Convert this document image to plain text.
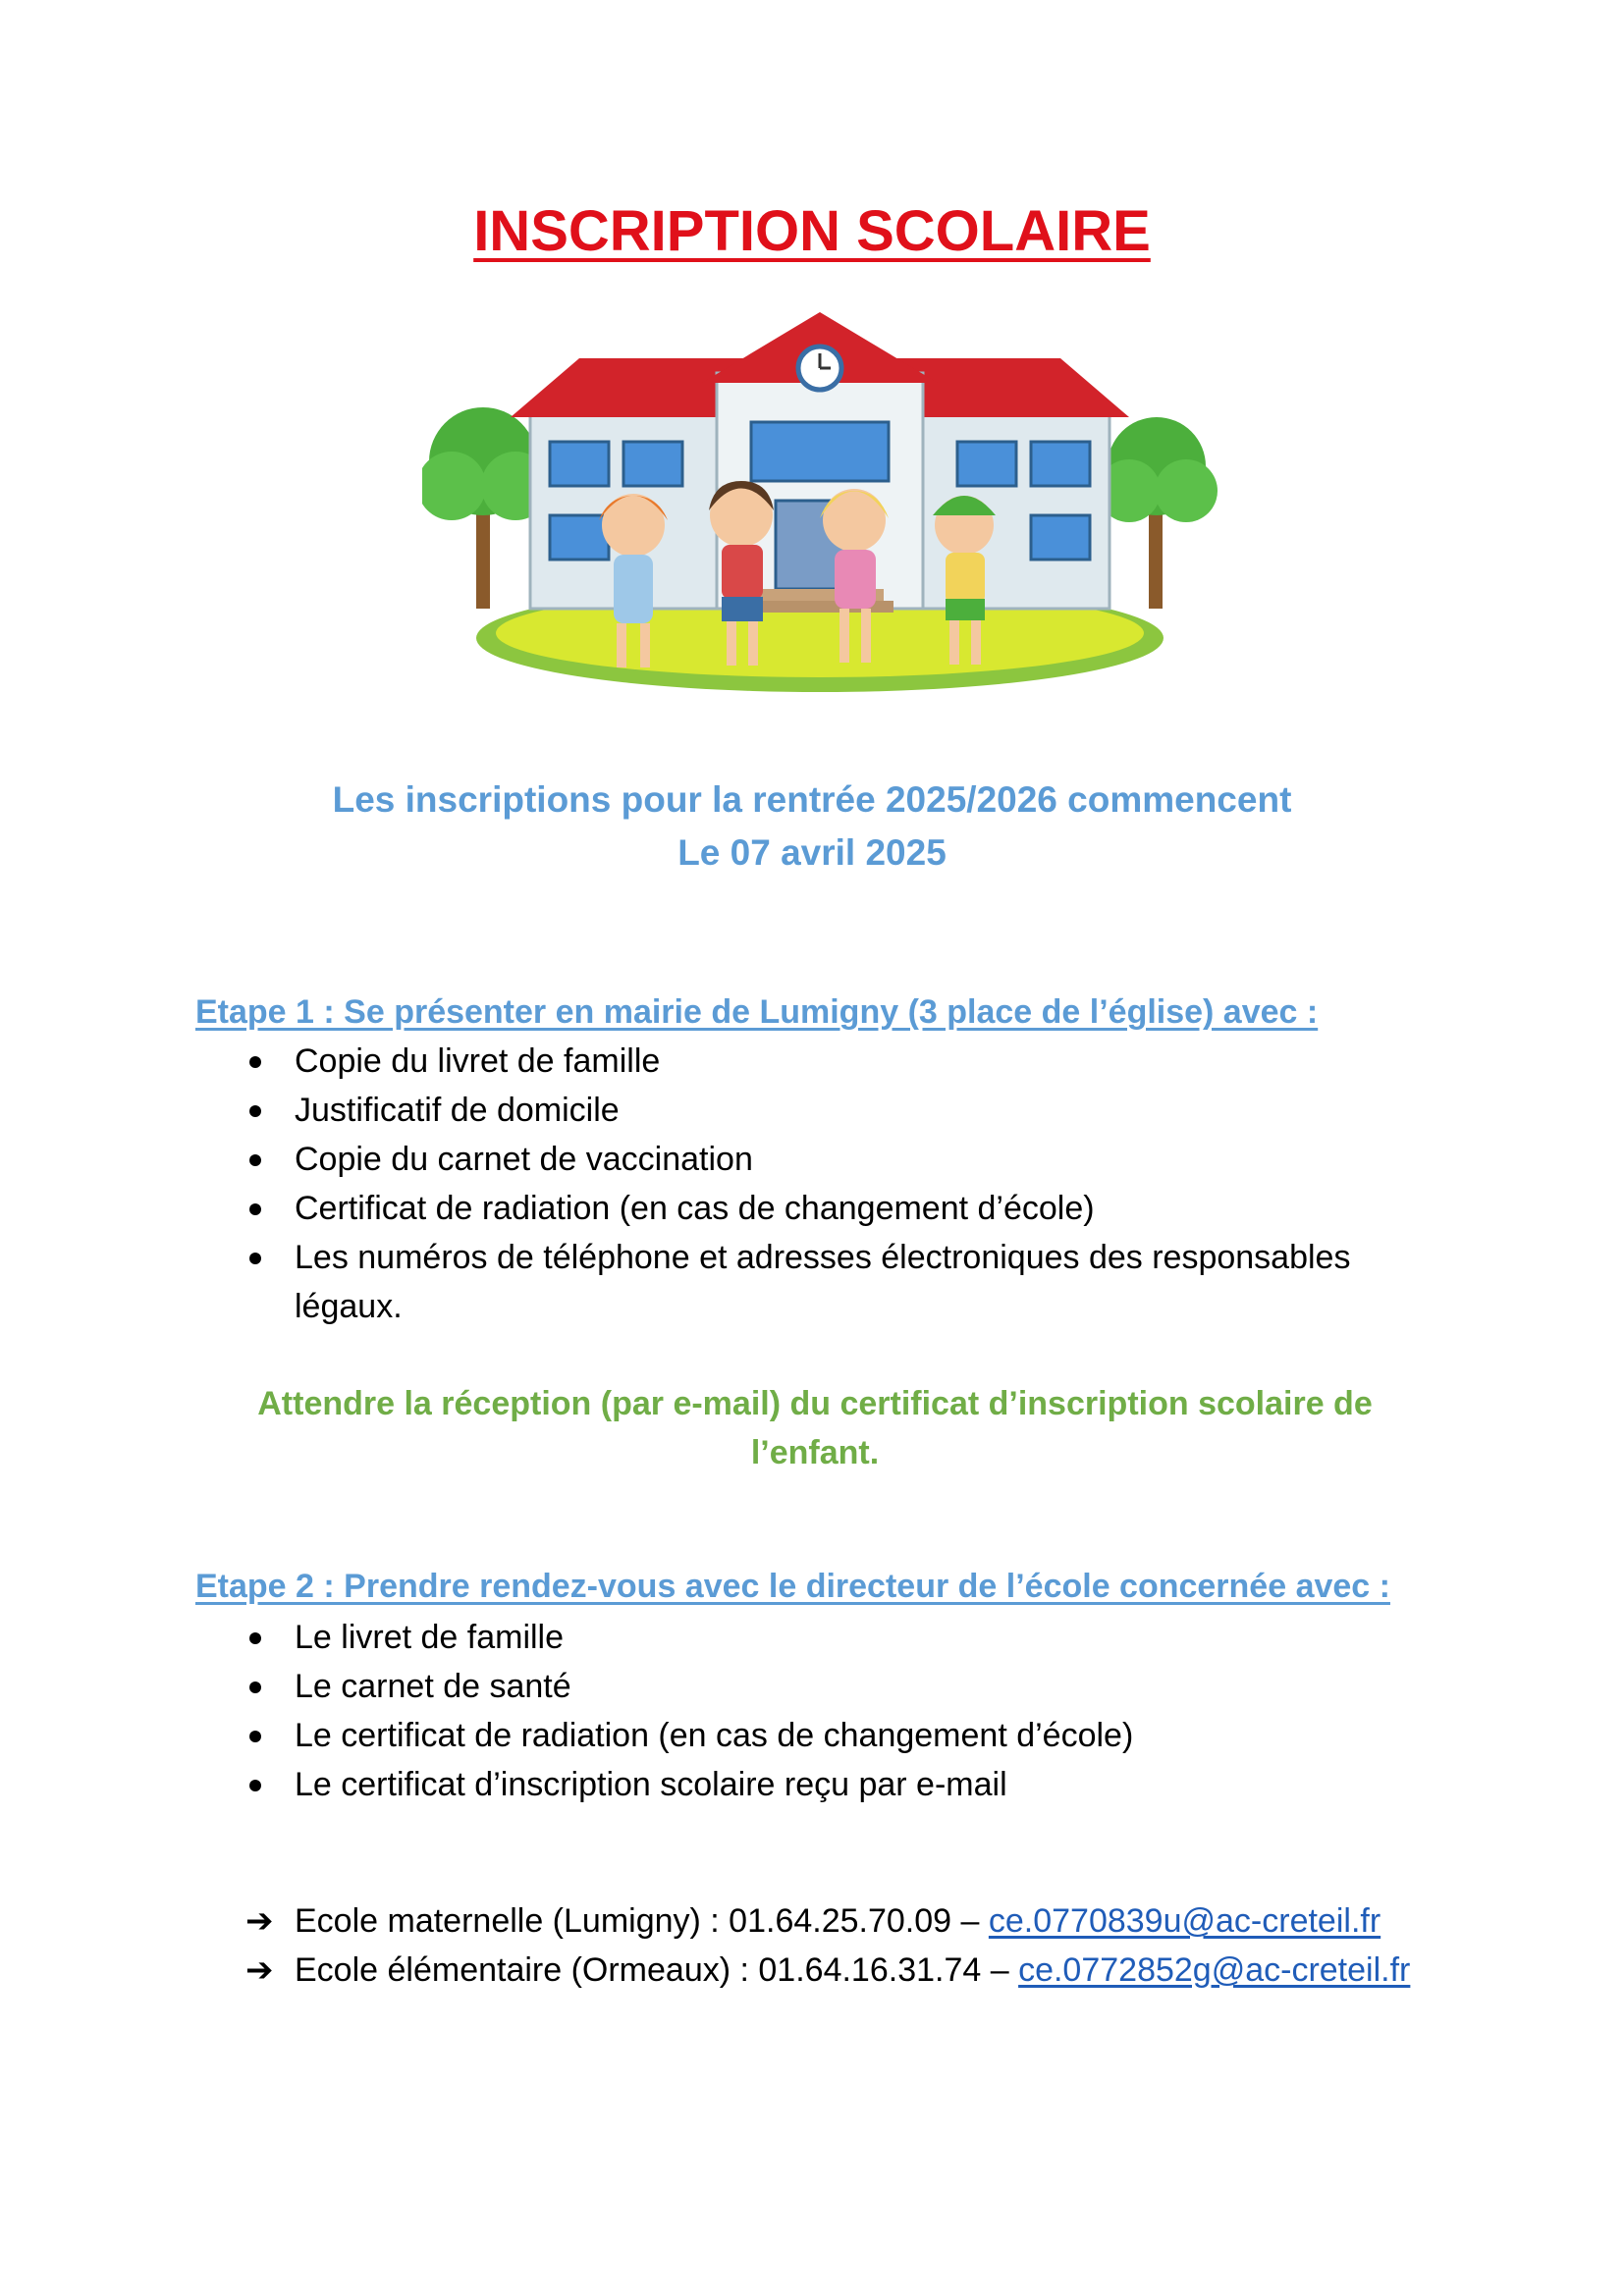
INSCRIPTION SCOLAIRE
Les inscriptions pour la rentrée 2025/2026 commencent
Le 07 avril 2025
Etape 1 : Se présenter en mairie de Lumigny (3 place de l’église) avec :
Copie du livret de famille
Justificatif de domicile
Copie du carnet de vaccination
Certificat de radiation (en cas de changement d’école)
Les numéros de téléphone et adresses électroniques des responsables légaux.
Attendre la réception (par e-mail) du certificat d’inscription scolaire de l’enfant.
Etape 2 : Prendre rendez-vous avec le directeur de l’école concernée avec :
Le livret de famille
Le carnet de santé
Le certificat de radiation (en cas de changement d’école)
Le certificat d’inscription scolaire reçu par e-mail
➔ Ecole maternelle (Lumigny) : 01.64.25.70.09 – ce.0770839u@ac-creteil.fr
➔ Ecole élémentaire (Ormeaux) : 01.64.16.31.74 – ce.0772852g@ac-creteil.fr
